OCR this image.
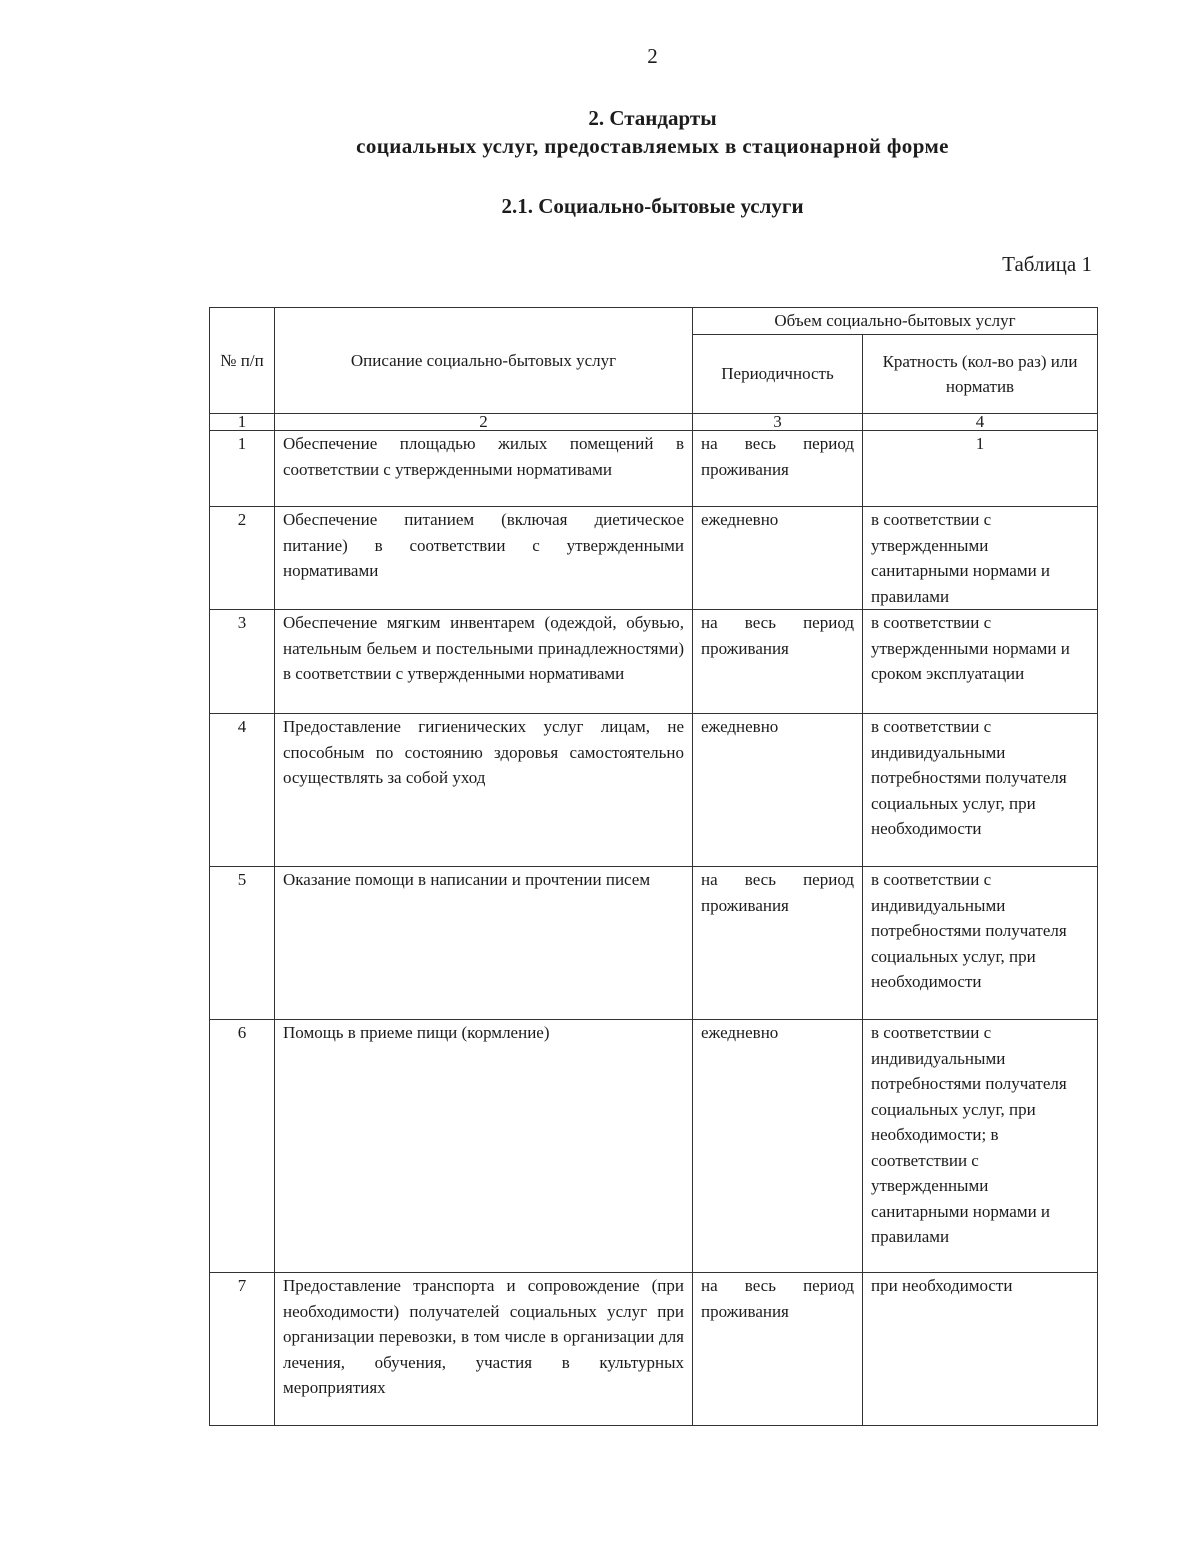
2
2. Стандарты
социальных услуг, предоставляемых в стационарной форме
2.1. Социально-бытовые услуги
Таблица 1
№ п/п	Описание социально-бытовых услуг	Объем социально-бытовых услуг	
		Периодичность	Кратность (кол-во раз) или норматив
1	2	3	4
1	Обеспечение площадью жилых помещений в соответствии с утвержденными нормативами	на весь период проживания	1
2	Обеспечение питанием (включая диетическое питание) в соответствии с утвержденными нормативами	ежедневно	в соответствии с утвержденными санитарными нормами и правилами
3	Обеспечение мягким инвентарем (одеждой, обувью, нательным бельем и постельными принадлежностями) в соответствии с утвержденными нормативами	на весь период проживания	в соответствии с утвержденными нормами и сроком эксплуатации
4	Предоставление гигиенических услуг лицам, не способным по состоянию здоровья самостоятельно осуществлять за собой уход	ежедневно	в соответствии с индивидуальными потребностями получателя социальных услуг, при необходимости
5	Оказание помощи в написании и прочтении писем	на весь период проживания	в соответствии с индивидуальными потребностями получателя социальных услуг, при необходимости
6	Помощь в приеме пищи (кормление)	ежедневно	в соответствии с индивидуальными потребностями получателя социальных услуг, при необходимости; в соответствии с утвержденными санитарными нормами и правилами
7	Предоставление транспорта и сопровождение (при необходимости) получателей социальных услуг при организации перевозки, в том числе в организации для лечения, обучения, участия в культурных мероприятиях	на весь период проживания	при необходимости
